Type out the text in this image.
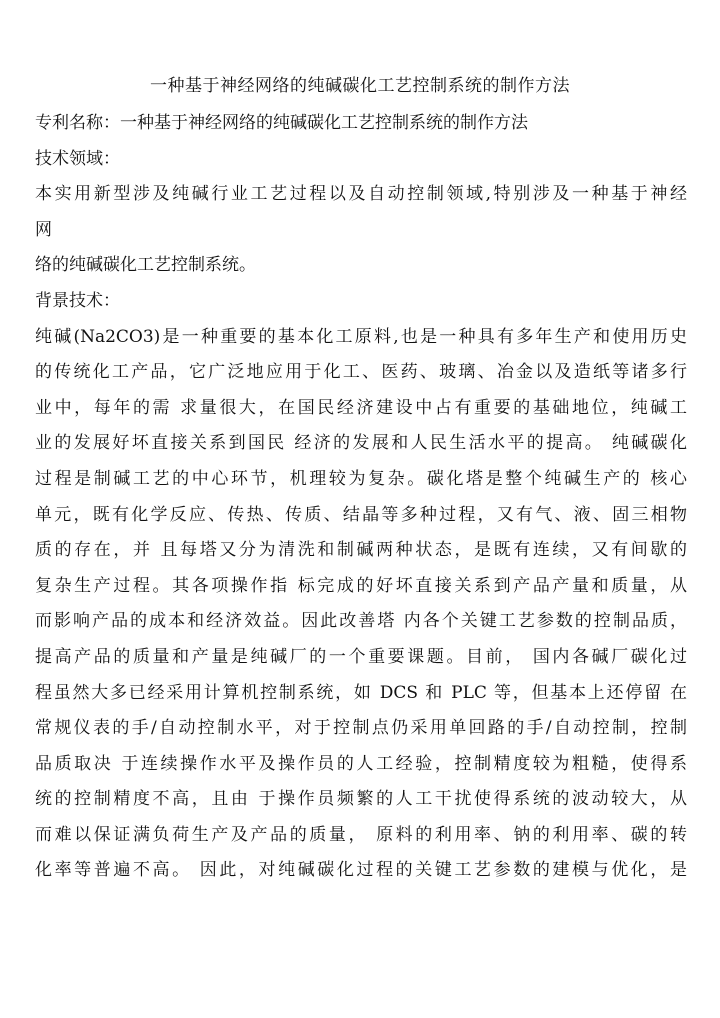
一种基于神经网络的纯碱碳化工艺控制系统的制作方法
专利名称：一种基于神经网络的纯碱碳化工艺控制系统的制作方法
技术领域：
本实用新型涉及纯碱行业工艺过程以及自动控制领域,特别涉及一种基于神经
网
络的纯碱碳化工艺控制系统。
背景技术：
纯碱(Na2CO3)是一种重要的基本化工原料,也是一种具有多年生产和使用历史
的传统化工产品，它广泛地应用于化工、医药、玻璃、冶金以及造纸等诸多行
业中，每年的需 求量很大，在国民经济建设中占有重要的基础地位，纯碱工
业的发展好坏直接关系到国民 经济的发展和人民生活水平的提高。 纯碱碳化
过程是制碱工艺的中心环节，机理较为复杂。碳化塔是整个纯碱生产的 核心
单元，既有化学反应、传热、传质、结晶等多种过程，又有气、液、固三相物
质的存在，并 且每塔又分为清洗和制碱两种状态，是既有连续，又有间歇的
复杂生产过程。其各项操作指 标完成的好坏直接关系到产品产量和质量，从
而影响产品的成本和经济效益。因此改善塔 内各个关键工艺参数的控制品质，
提高产品的质量和产量是纯碱厂的一个重要课题。目前， 国内各碱厂碳化过
程虽然大多已经采用计算机控制系统，如 DCS 和 PLC 等，但基本上还停留 在
常规仪表的手/自动控制水平，对于控制点仍采用单回路的手/自动控制，控制
品质取决 于连续操作水平及操作员的人工经验，控制精度较为粗糙，使得系
统的控制精度不高，且由 于操作员频繁的人工干扰使得系统的波动较大，从
而难以保证满负荷生产及产品的质量， 原料的利用率、钠的利用率、碳的转
化率等普遍不高。 因此，对纯碱碳化过程的关键工艺参数的建模与优化，是
